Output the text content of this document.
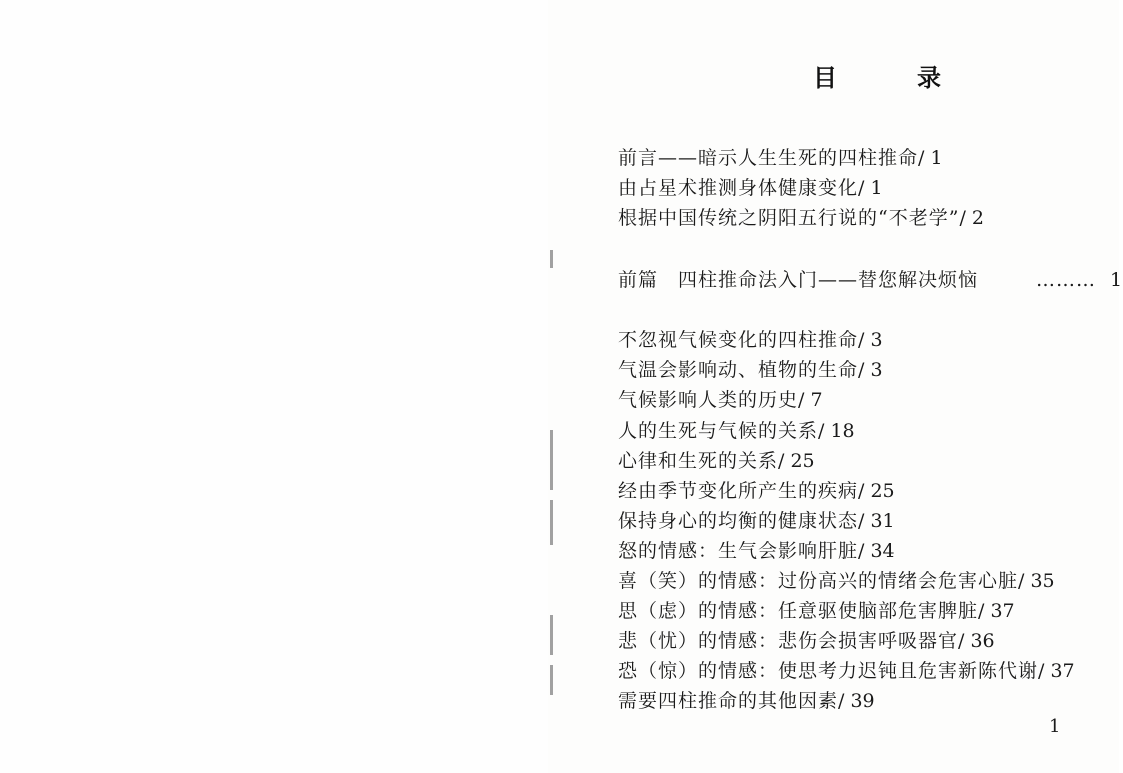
目　录
前言——暗示人生生死的四柱推命/ 1
由占星术推测身体健康变化/ 1
根据中国传统之阴阳五行说的“不老学”/ 2
前篇　四柱推命法入门——替您解决烦恼	……… 1
不忽视气候变化的四柱推命/ 3
气温会影响动、植物的生命/ 3
气候影响人类的历史/ 7
人的生死与气候的关系/ 18
心律和生死的关系/ 25
经由季节变化所产生的疾病/ 25
保持身心的均衡的健康状态/ 31
怒的情感：生气会影响肝脏/ 34
喜（笑）的情感：过份高兴的情绪会危害心脏/ 35
思（虑）的情感：任意驱使脑部危害脾脏/ 37
悲（忧）的情感：悲伤会损害呼吸器官/ 36
恐（惊）的情感：使思考力迟钝且危害新陈代谢/ 37
需要四柱推命的其他因素/ 39
1
